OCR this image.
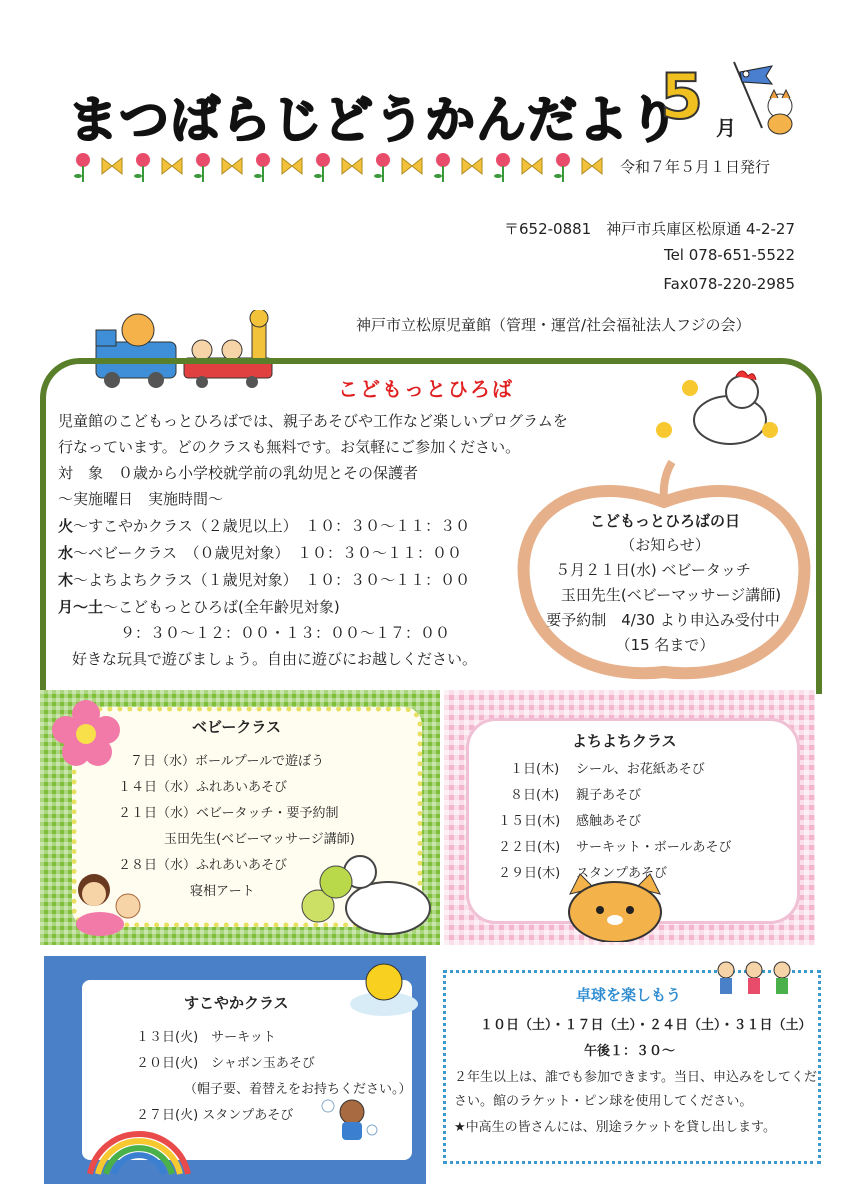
まつばらじどうかんだより
5 月
令和７年５月１日発行
〒652-0881　神戸市兵庫区松原通 4-2-27
Tel 078-651-5522
Fax078-220-2985
神戸市立松原児童館（管理・運営/社会福祉法人フジの会）
こどもっとひろば
児童館のこどもっとひろばでは、親子あそびや工作など楽しいプログラムを
行なっています。どのクラスも無料です。お気軽にご参加ください。
対　象　０歳から小学校就学前の乳幼児とその保護者
～実施曜日　実施時間～
火～すこやかクラス（２歳児以上）　１０：３０～１１：３０
水～ベビークラス　（０歳児対象）　１０：３０～１１：００
木～よちよちクラス（１歳児対象）　１０：３０～１１：００
月～土～こどもっとひろば(全年齢児対象)
９：３０～１２：００・１３：００～１７：００
好きな玩具で遊びましょう。自由に遊びにお越しください。
こどもっとひろばの日
（お知らせ）
５月２１日(水) ベビータッチ
玉田先生(ベビーマッサージ講師)
要予約制　4/30 より申込み受付中
（15 名まで）
ベビークラス
７日（水）ボールプールで遊ぼう
１４日（水）ふれあいあそび
２１日（水）ベビータッチ・要予約制
玉田先生(ベビーマッサージ講師)
２８日（水）ふれあいあそび
寝相アート
よちよちクラス
１日(木) シール、お花紙あそび
８日(木) 親子あそび
１５日(木) 感触あそび
２２日(木) サーキット・ボールあそび
２９日(木) スタンプあそび
すこやかクラス
１３日(火)　サーキット
２０日(火)　シャボン玉あそび
（帽子要、着替えをお持ちください。）
２７日(火) スタンプあそび
卓球を楽しもう
１０日（土）・１７日（土）・２４日（土）・３１日（土）
午後１：３０～
２年生以上は、誰でも参加できます。当日、申込みをしてくだ
さい。館のラケット・ピン球を使用してください。
★中高生の皆さんには、別途ラケットを貸し出します。
